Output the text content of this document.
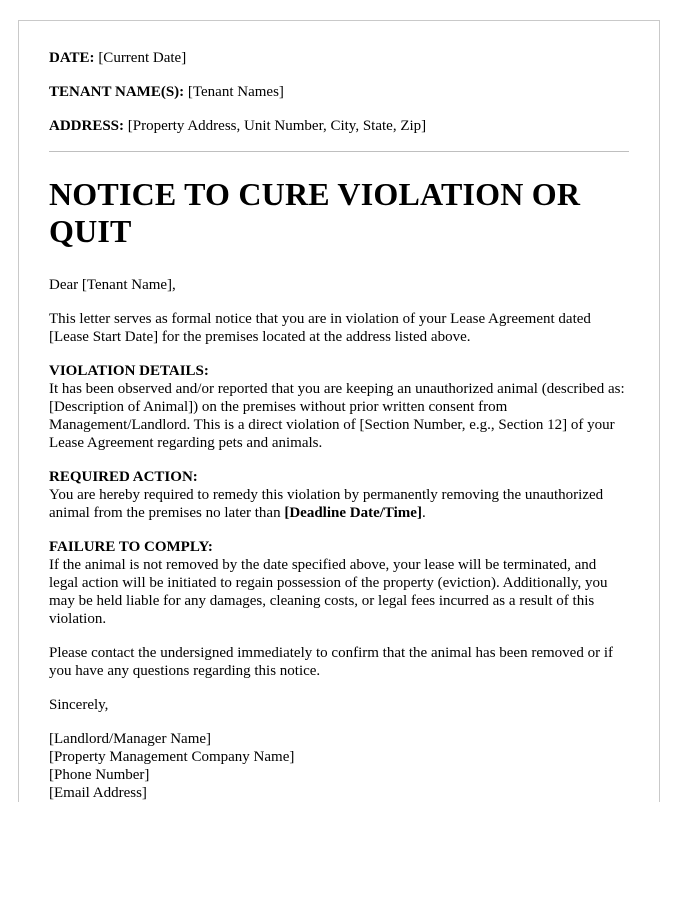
DATE: [Current Date]

TENANT NAME(S): [Tenant Names]

ADDRESS: [Property Address, Unit Number, City, State, Zip]

NOTICE TO CURE VIOLATION OR QUIT

Dear [Tenant Name],

This letter serves as formal notice that you are in violation of your Lease Agreement dated [Lease Start Date] for the premises located at the address listed above.

VIOLATION DETAILS:
It has been observed and/or reported that you are keeping an unauthorized animal (described as: [Description of Animal]) on the premises without prior written consent from Management/Landlord. This is a direct violation of [Section Number, e.g., Section 12] of your Lease Agreement regarding pets and animals.
REQUIRED ACTION:
You are hereby required to remedy this violation by permanently removing the unauthorized animal from the premises no later than [Deadline Date/Time].
FAILURE TO COMPLY:
If the animal is not removed by the date specified above, your lease will be terminated, and legal action will be initiated to regain possession of the property (eviction). Additionally, you may be held liable for any damages, cleaning costs, or legal fees incurred as a result of this violation.

Please contact the undersigned immediately to confirm that the animal has been removed or if you have any questions regarding this notice.

Sincerely,

[Landlord/Manager Name]
[Property Management Company Name]
[Phone Number]
[Email Address]
